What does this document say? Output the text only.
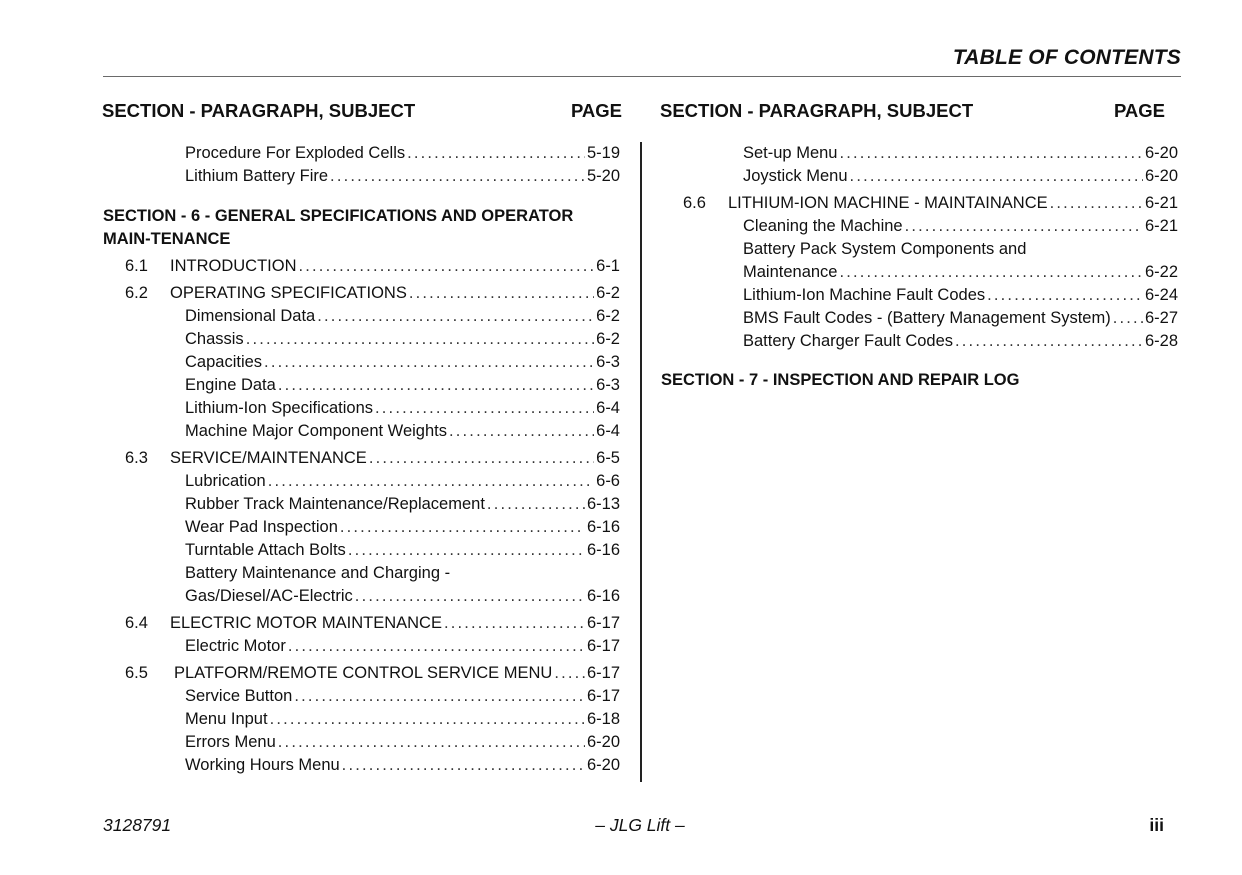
TABLE OF CONTENTS
SECTION - PARAGRAPH, SUBJECT	PAGE
Procedure For Exploded Cells . . .	5-19
Lithium Battery Fire . . .	5-20
SECTION - 6 - GENERAL SPECIFICATIONS AND OPERATOR MAIN-TENANCE
6.1	INTRODUCTION . . .	6-1
6.2	OPERATING SPECIFICATIONS . . .	6-2
Dimensional Data . . .	6-2
Chassis . . .	6-2
Capacities . . .	6-3
Engine Data . . .	6-3
Lithium-Ion Specifications . . .	6-4
Machine Major Component Weights . . .	6-4
6.3	SERVICE/MAINTENANCE . . .	6-5
Lubrication . . .	6-6
Rubber Track Maintenance/Replacement . . .	6-13
Wear Pad Inspection . . .	6-16
Turntable Attach Bolts . . .	6-16
Battery Maintenance and Charging -
Gas/Diesel/AC-Electric . . .	6-16
6.4	ELECTRIC MOTOR MAINTENANCE . . .	6-17
Electric Motor . . .	6-17
6.5	PLATFORM/REMOTE CONTROL SERVICE MENU . . . 6-17
Service Button . . .	6-17
Menu Input . . .	6-18
Errors Menu . . .	6-20
Working Hours Menu . . .	6-20
SECTION - PARAGRAPH, SUBJECT	PAGE
Set-up Menu . . .	6-20
Joystick Menu . . .	6-20
6.6	LITHIUM-ION MACHINE - MAINTAINANCE . . .	6-21
Cleaning the Machine . . .	6-21
Battery Pack System Components and
Maintenance . . .	6-22
Lithium-Ion Machine Fault Codes . . .	6-24
BMS Fault Codes - (Battery Management System) . . . 6-27
Battery Charger Fault Codes . . .	6-28
SECTION - 7 - INSPECTION AND REPAIR LOG
3128791	– JLG Lift –	iii
